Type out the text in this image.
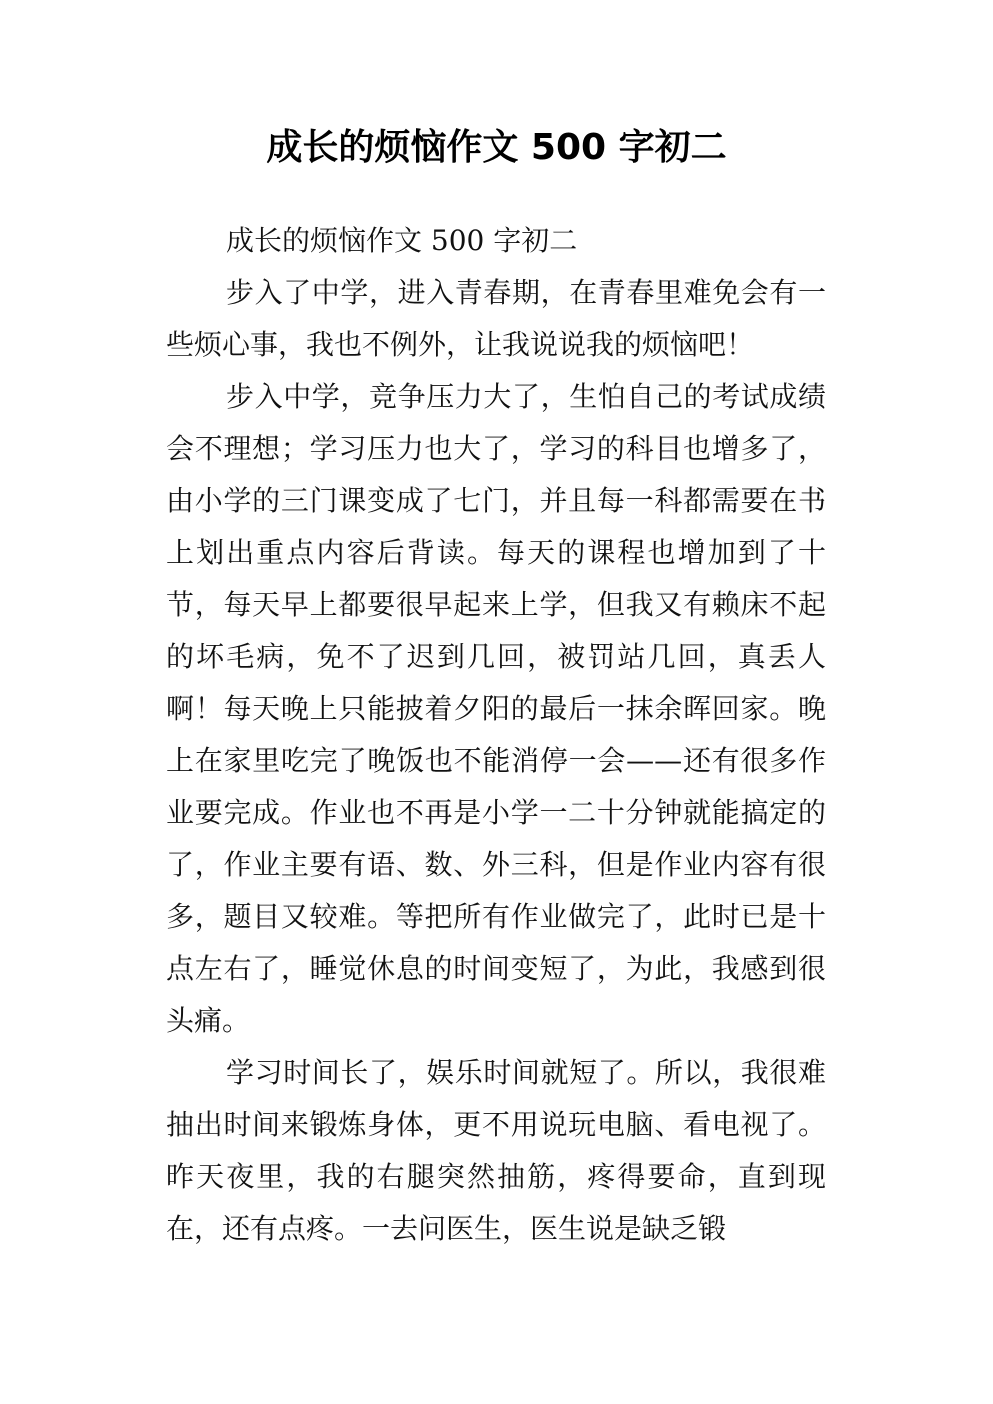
成长的烦恼作文 500 字初二

成长的烦恼作文 500 字初二

步入了中学，进入青春期，在青春里难免会有一些烦心事，我也不例外，让我说说我的烦恼吧！

步入中学，竞争压力大了，生怕自己的考试成绩会不理想；学习压力也大了，学习的科目也增多了，由小学的三门课变成了七门，并且每一科都需要在书上划出重点内容后背读。每天的课程也增加到了十节，每天早上都要很早起来上学，但我又有赖床不起的坏毛病，免不了迟到几回，被罚站几回，真丢人啊！每天晚上只能披着夕阳的最后一抹余晖回家。晚上在家里吃完了晚饭也不能消停一会——还有很多作业要完成。作业也不再是小学一二十分钟就能搞定的了，作业主要有语、数、外三科，但是作业内容有很多，题目又较难。等把所有作业做完了，此时已是十点左右了，睡觉休息的时间变短了，为此，我感到很头痛。

学习时间长了，娱乐时间就短了。所以，我很难抽出时间来锻炼身体，更不用说玩电脑、看电视了。昨天夜里，我的右腿突然抽筋，疼得要命，直到现在，还有点疼。一去问医生，医生说是缺乏锻
